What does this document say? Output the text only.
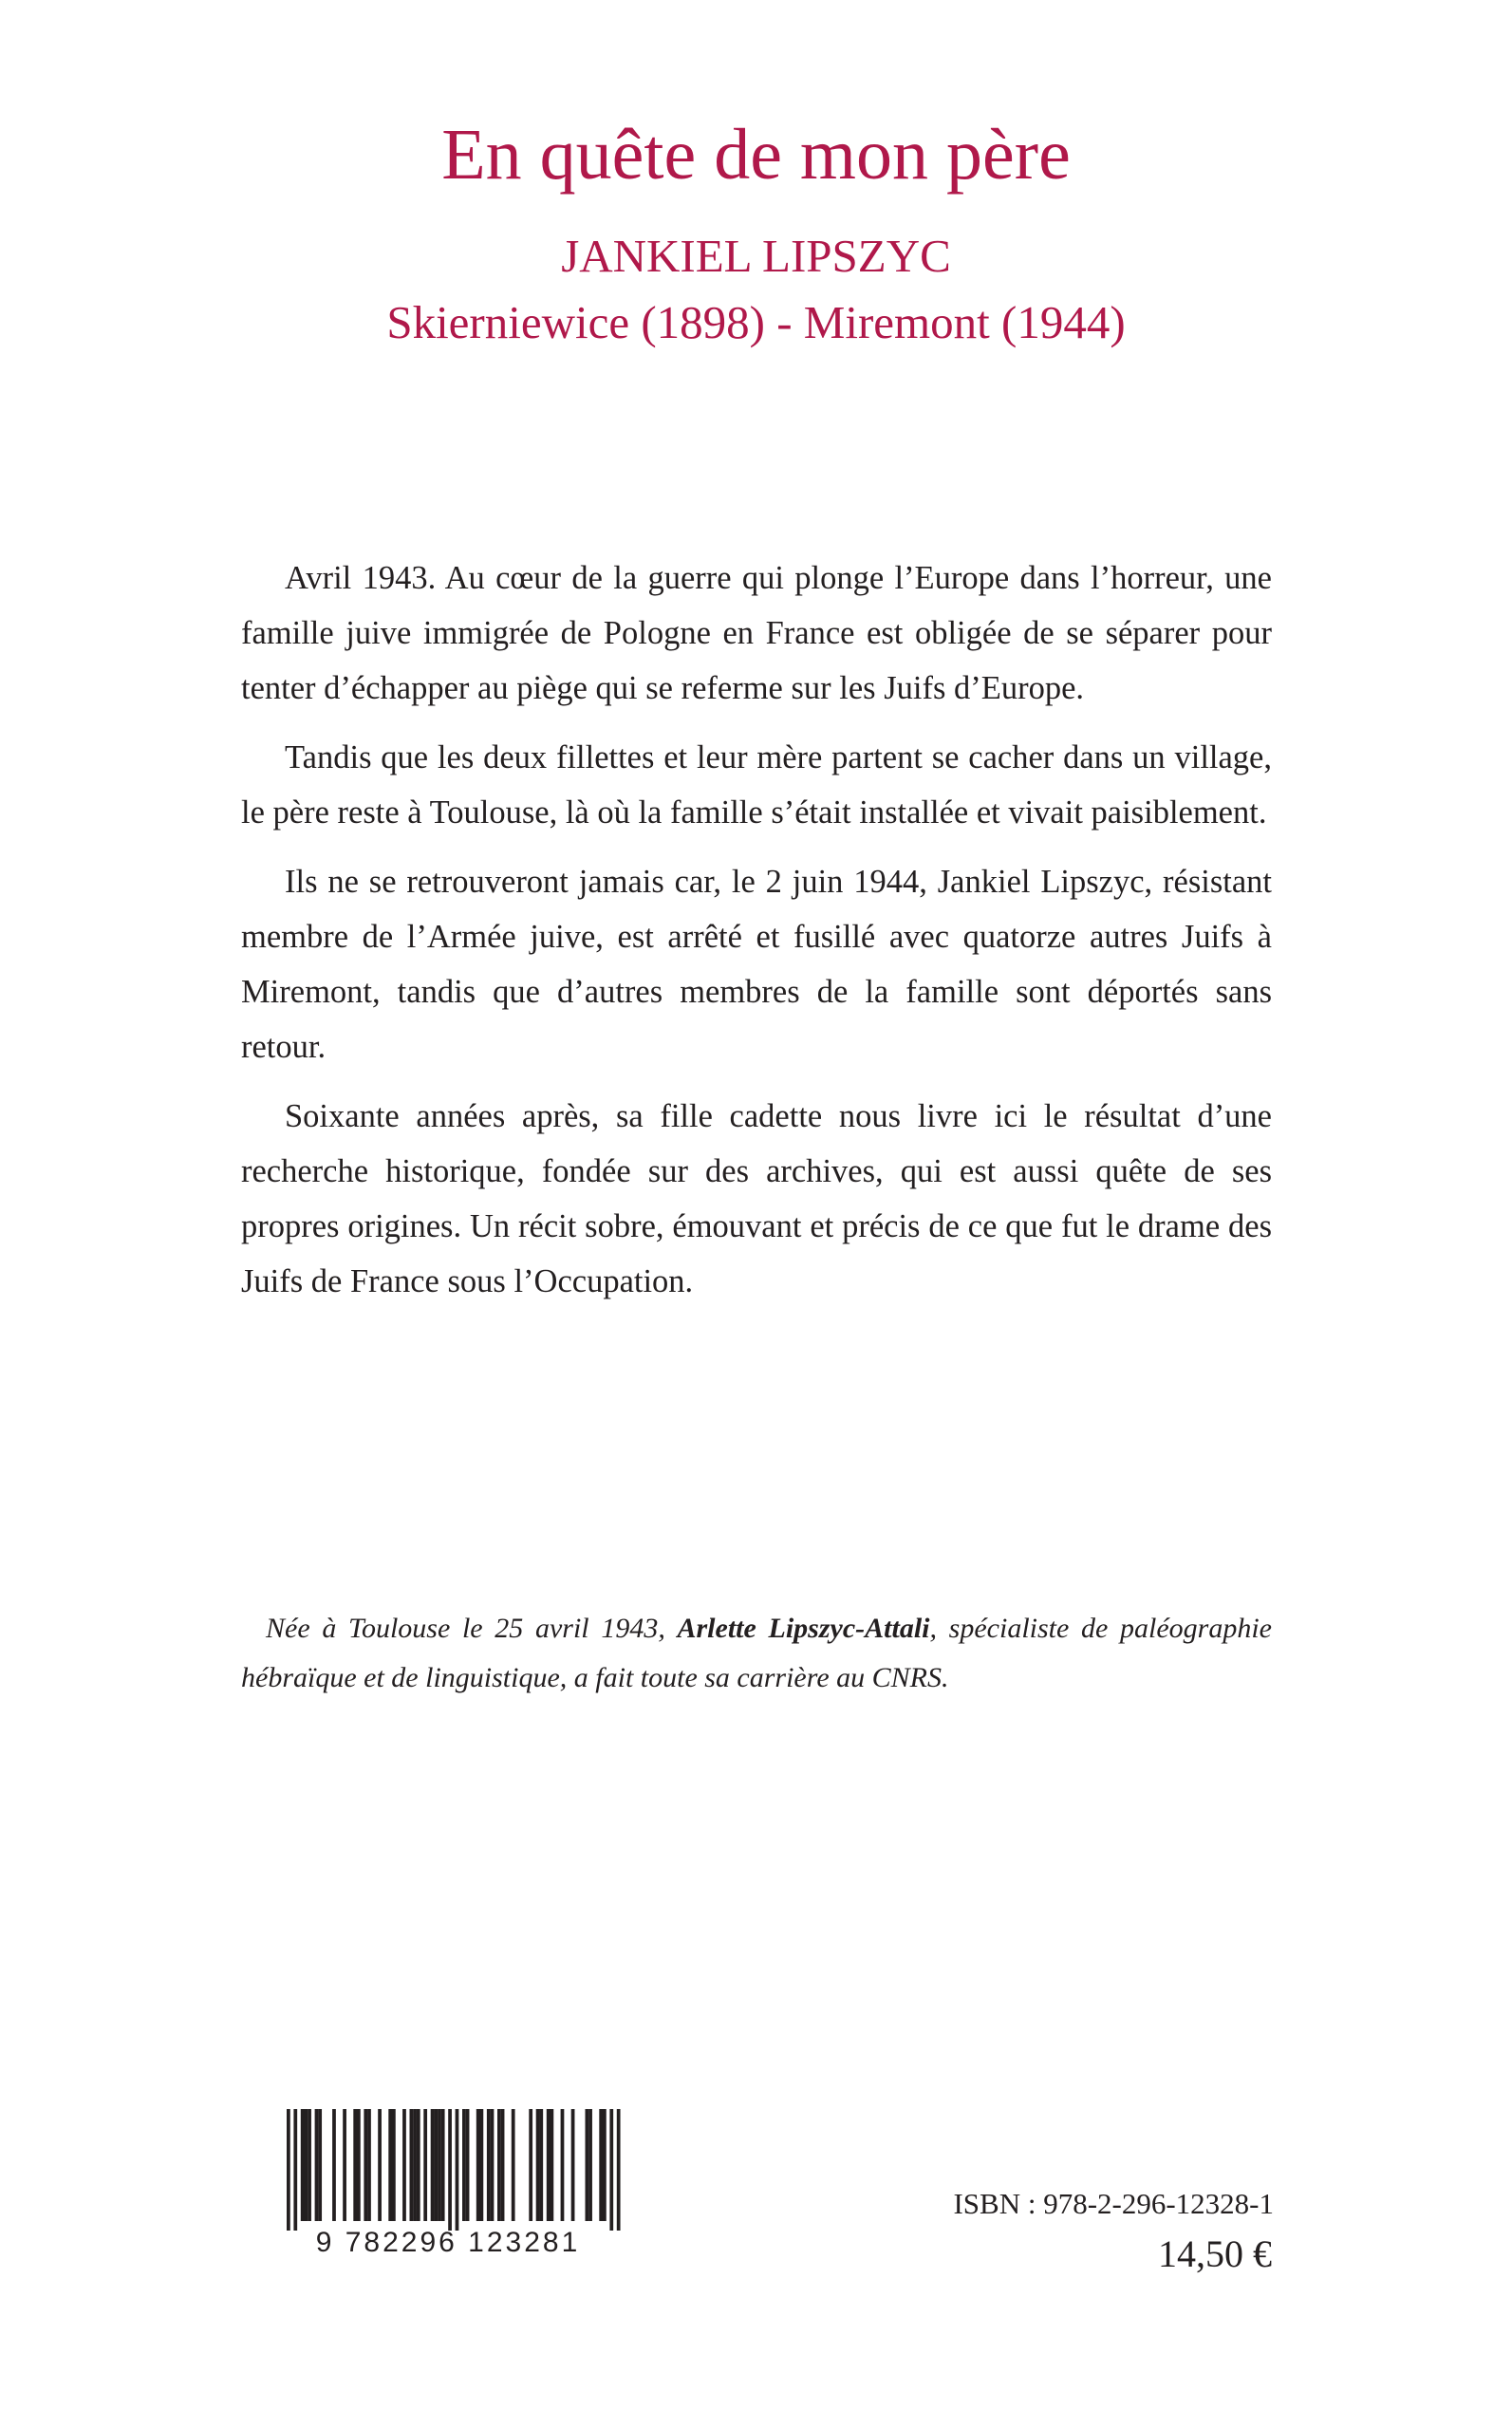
En quête de mon père
JANKIEL LIPSZYC
Skierniewice (1898) - Miremont (1944)

Avril 1943. Au cœur de la guerre qui plonge l’Europe dans l’horreur, une famille juive immigrée de Pologne en France est obligée de se séparer pour tenter d’échapper au piège qui se referme sur les Juifs d’Europe.

Tandis que les deux fillettes et leur mère partent se cacher dans un village, le père reste à Toulouse, là où la famille s’était installée et vivait paisiblement.

Ils ne se retrouveront jamais car, le 2 juin 1944, Jankiel Lipszyc, résistant membre de l’Armée juive, est arrêté et fusillé avec quatorze autres Juifs à Miremont, tandis que d’autres membres de la famille sont déportés sans retour.

Soixante années après, sa fille cadette nous livre ici le résultat d’une recherche historique, fondée sur des archives, qui est aussi quête de ses propres origines. Un récit sobre, émouvant et précis de ce que fut le drame des Juifs de France sous l’Occupation.

Née à Toulouse le 25 avril 1943, Arlette Lipszyc-Attali, spécialiste de paléographie hébraïque et de linguistique, a fait toute sa carrière au CNRS.

9 782296 123281
ISBN : 978-2-296-12328-1
14,50 €
